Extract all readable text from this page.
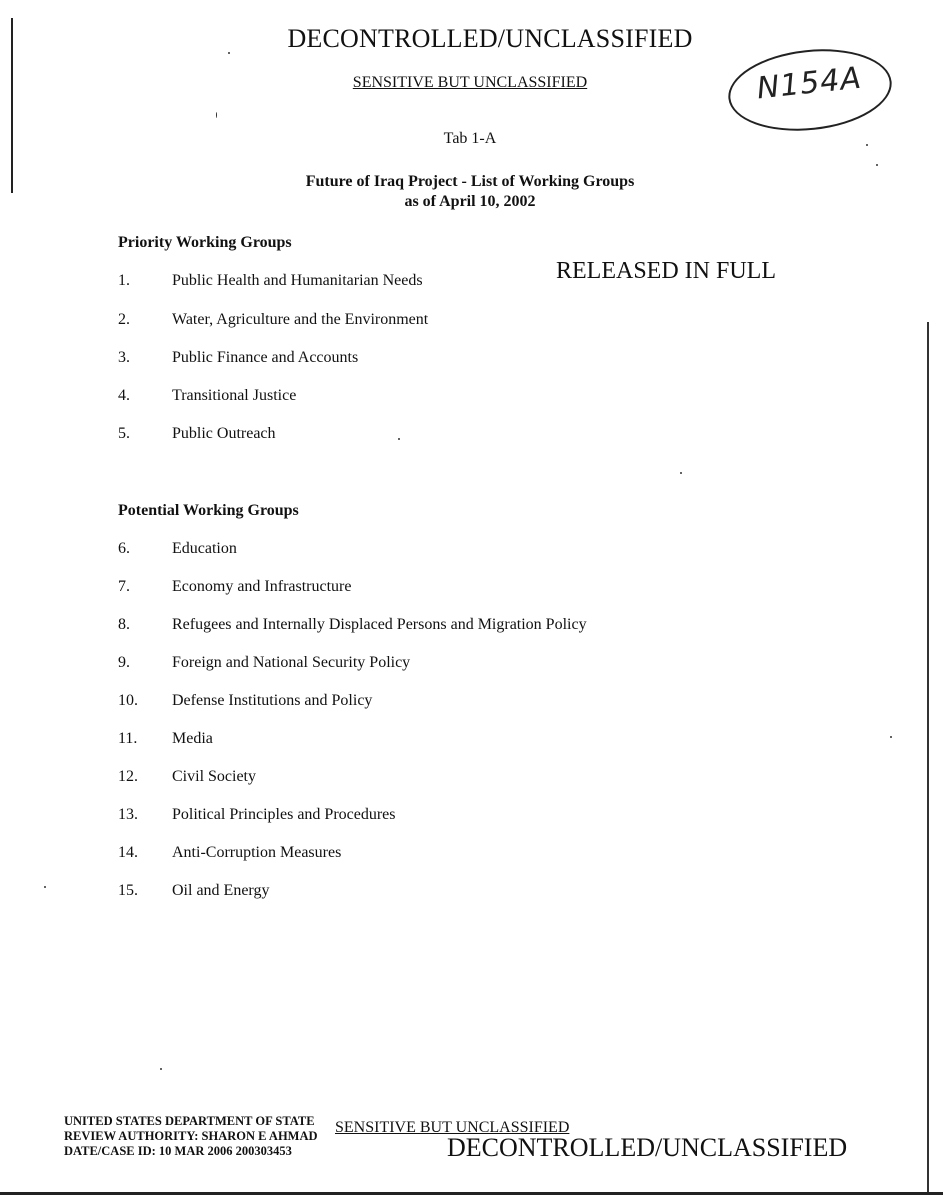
DECONTROLLED/UNCLASSIFIED
SENSITIVE BUT UNCLASSIFIED	N154A
Tab 1-A
Future of Iraq Project - List of Working Groups
as of April 10, 2002
RELEASED IN FULL
Priority Working Groups
1.	Public Health and Humanitarian Needs
2.	Water, Agriculture and the Environment
3.	Public Finance and Accounts
4.	Transitional Justice
5.	Public Outreach
Potential Working Groups
6.	Education
7.	Economy and Infrastructure
8.	Refugees and Internally Displaced Persons and Migration Policy
9.	Foreign and National Security Policy
10. Defense Institutions and Policy
11. Media
12. Civil Society
13. Political Principles and Procedures
14. Anti-Corruption Measures
15. Oil and Energy
UNITED STATES DEPARTMENT OF STATE
REVIEW AUTHORITY: SHARON E AHMAD
DATE/CASE ID: 10 MAR 2006 200303453
SENSITIVE BUT UNCLASSIFIED
DECONTROLLED/UNCLASSIFIED
